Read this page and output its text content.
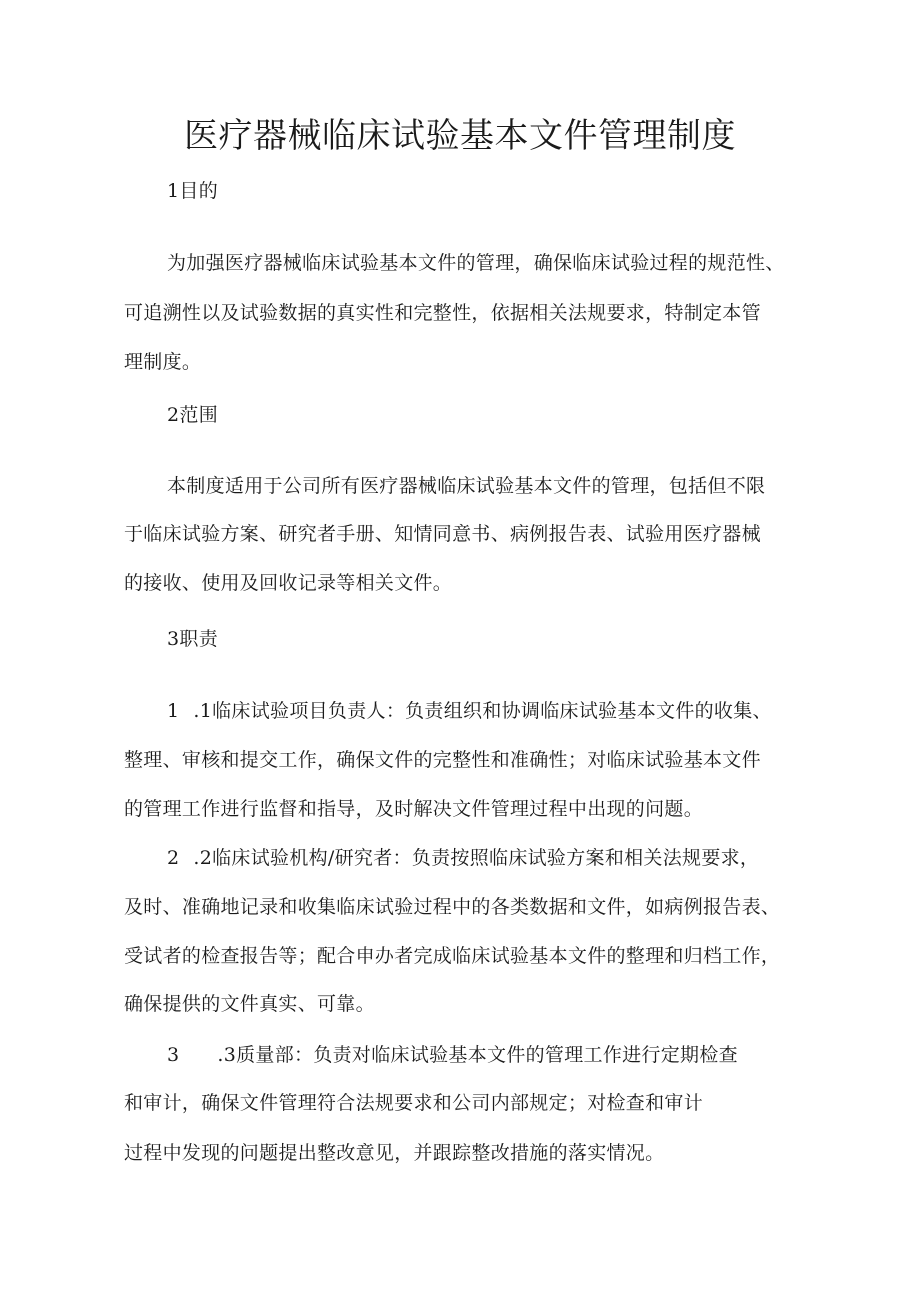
医疗器械临床试验基本文件管理制度
1目的
为加强医疗器械临床试验基本文件的管理，确保临床试验过程的规范性、
可追溯性以及试验数据的真实性和完整性，依据相关法规要求，特制定本管
理制度。
2范围
本制度适用于公司所有医疗器械临床试验基本文件的管理，包括但不限
于临床试验方案、研究者手册、知情同意书、病例报告表、试验用医疗器械
的接收、使用及回收记录等相关文件。
3职责
1 .1临床试验项目负责人：负责组织和协调临床试验基本文件的收集、
整理、审核和提交工作，确保文件的完整性和准确性；对临床试验基本文件
的管理工作进行监督和指导，及时解决文件管理过程中出现的问题。
2 .2临床试验机构/研究者：负责按照临床试验方案和相关法规要求，
及时、准确地记录和收集临床试验过程中的各类数据和文件，如病例报告表、
受试者的检查报告等；配合申办者完成临床试验基本文件的整理和归档工作，
确保提供的文件真实、可靠。
3 .3质量部：负责对临床试验基本文件的管理工作进行定期检查
和审计，确保文件管理符合法规要求和公司内部规定；对检查和审计
过程中发现的问题提出整改意见，并跟踪整改措施的落实情况。
